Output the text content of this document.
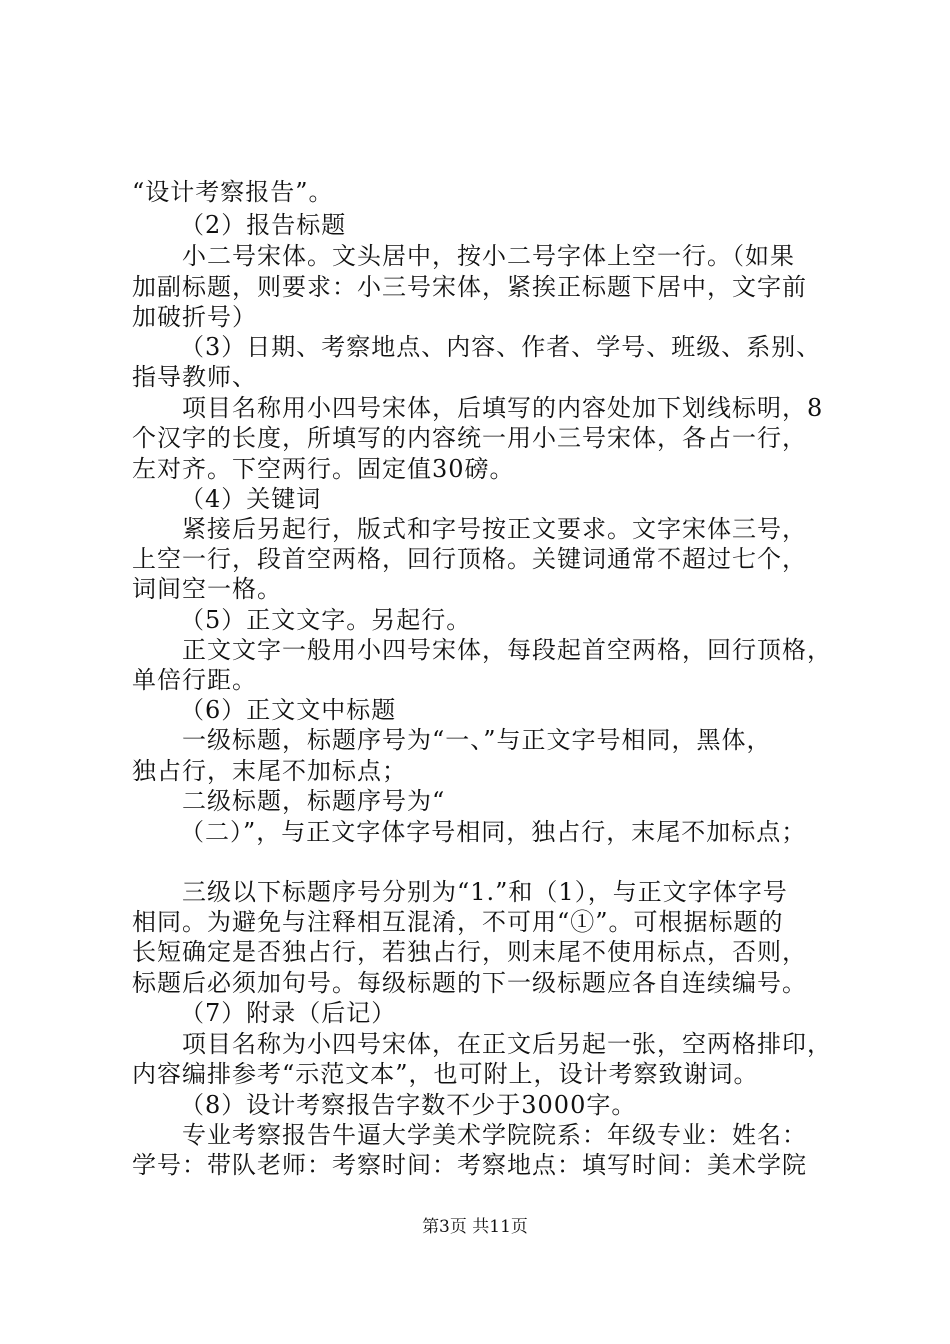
“设计考察报告”。
（2）报告标题
小二号宋体。文头居中，按小二号字体上空一行。（如果
加副标题，则要求：小三号宋体，紧挨正标题下居中，文字前
加破折号）
（3）日期、考察地点、内容、作者、学号、班级、系别、
指导教师、
项目名称用小四号宋体，后填写的内容处加下划线标明，8
个汉字的长度，所填写的内容统一用小三号宋体，各占一行，
左对齐。下空两行。固定值30磅。
（4）关键词
紧接后另起行，版式和字号按正文要求。文字宋体三号，
上空一行，段首空两格，回行顶格。关键词通常不超过七个，
词间空一格。
（5）正文文字。另起行。
正文文字一般用小四号宋体，每段起首空两格，回行顶格，
单倍行距。
（6）正文文中标题
一级标题，标题序号为“一、”与正文字号相同，黑体，
独占行，末尾不加标点；
二级标题，标题序号为“
（二）”，与正文字体字号相同，独占行，末尾不加标点；
三级以下标题序号分别为“1.”和（1），与正文字体字号
相同。为避免与注释相互混淆，不可用“①”。可根据标题的
长短确定是否独占行，若独占行，则末尾不使用标点，否则，
标题后必须加句号。每级标题的下一级标题应各自连续编号。
（7）附录（后记）
项目名称为小四号宋体，在正文后另起一张，空两格排印，
内容编排参考“示范文本”，也可附上，设计考察致谢词。
（8）设计考察报告字数不少于3000字。
专业考察报告牛逼大学美术学院院系：年级专业：姓名：
学号：带队老师：考察时间：考察地点：填写时间：美术学院
第3页 共11页
